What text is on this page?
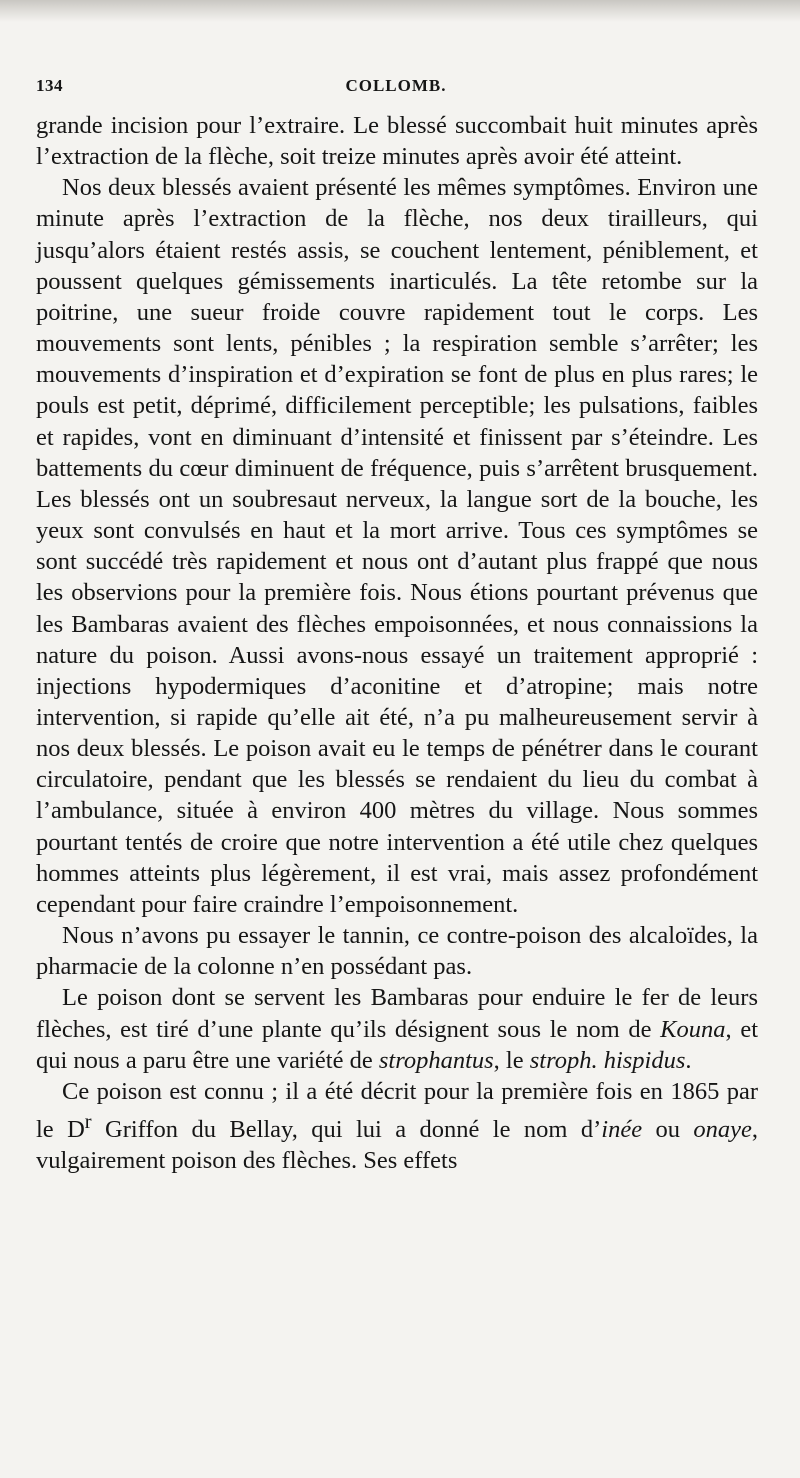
134	COLLOMB.

grande incision pour l’extraire. Le blessé succombait huit minutes après l’extraction de la flèche, soit treize minutes après avoir été atteint.

Nos deux blessés avaient présenté les mêmes symptômes. Environ une minute après l’extraction de la flèche, nos deux tirailleurs, qui jusqu’alors étaient restés assis, se couchent lentement, péniblement, et poussent quelques gémissements inarticulés. La tête retombe sur la poitrine, une sueur froide couvre rapidement tout le corps. Les mouvements sont lents, pénibles ; la respiration semble s’arrêter; les mouvements d’inspiration et d’expiration se font de plus en plus rares; le pouls est petit, déprimé, difficilement perceptible; les pulsations, faibles et rapides, vont en diminuant d’intensité et finissent par s’éteindre. Les battements du cœur diminuent de fréquence, puis s’arrêtent brusquement. Les blessés ont un soubresaut nerveux, la langue sort de la bouche, les yeux sont convulsés en haut et la mort arrive. Tous ces symptômes se sont succédé très rapidement et nous ont d’autant plus frappé que nous les observions pour la première fois. Nous étions pourtant prévenus que les Bambaras avaient des flèches empoisonnées, et nous connaissions la nature du poison. Aussi avons-nous essayé un traitement approprié : injections hypodermiques d’aconitine et d’atropine; mais notre intervention, si rapide qu’elle ait été, n’a pu malheureusement servir à nos deux blessés. Le poison avait eu le temps de pénétrer dans le courant circulatoire, pendant que les blessés se rendaient du lieu du combat à l’ambulance, située à environ 400 mètres du village. Nous sommes pourtant tentés de croire que notre intervention a été utile chez quelques hommes atteints plus légèrement, il est vrai, mais assez profondément cependant pour faire craindre l’empoisonnement.

Nous n’avons pu essayer le tannin, ce contre-poison des alcaloïdes, la pharmacie de la colonne n’en possédant pas.

Le poison dont se servent les Bambaras pour enduire le fer de leurs flèches, est tiré d’une plante qu’ils désignent sous le nom de Kouna, et qui nous a paru être une variété de strophantus, le stroph. hispidus.

Ce poison est connu ; il a été décrit pour la première fois en 1865 par le $D^r$ Griffon du Bellay, qui lui a donné le nom d’inée ou onaye, vulgairement poison des flèches. Ses effets
